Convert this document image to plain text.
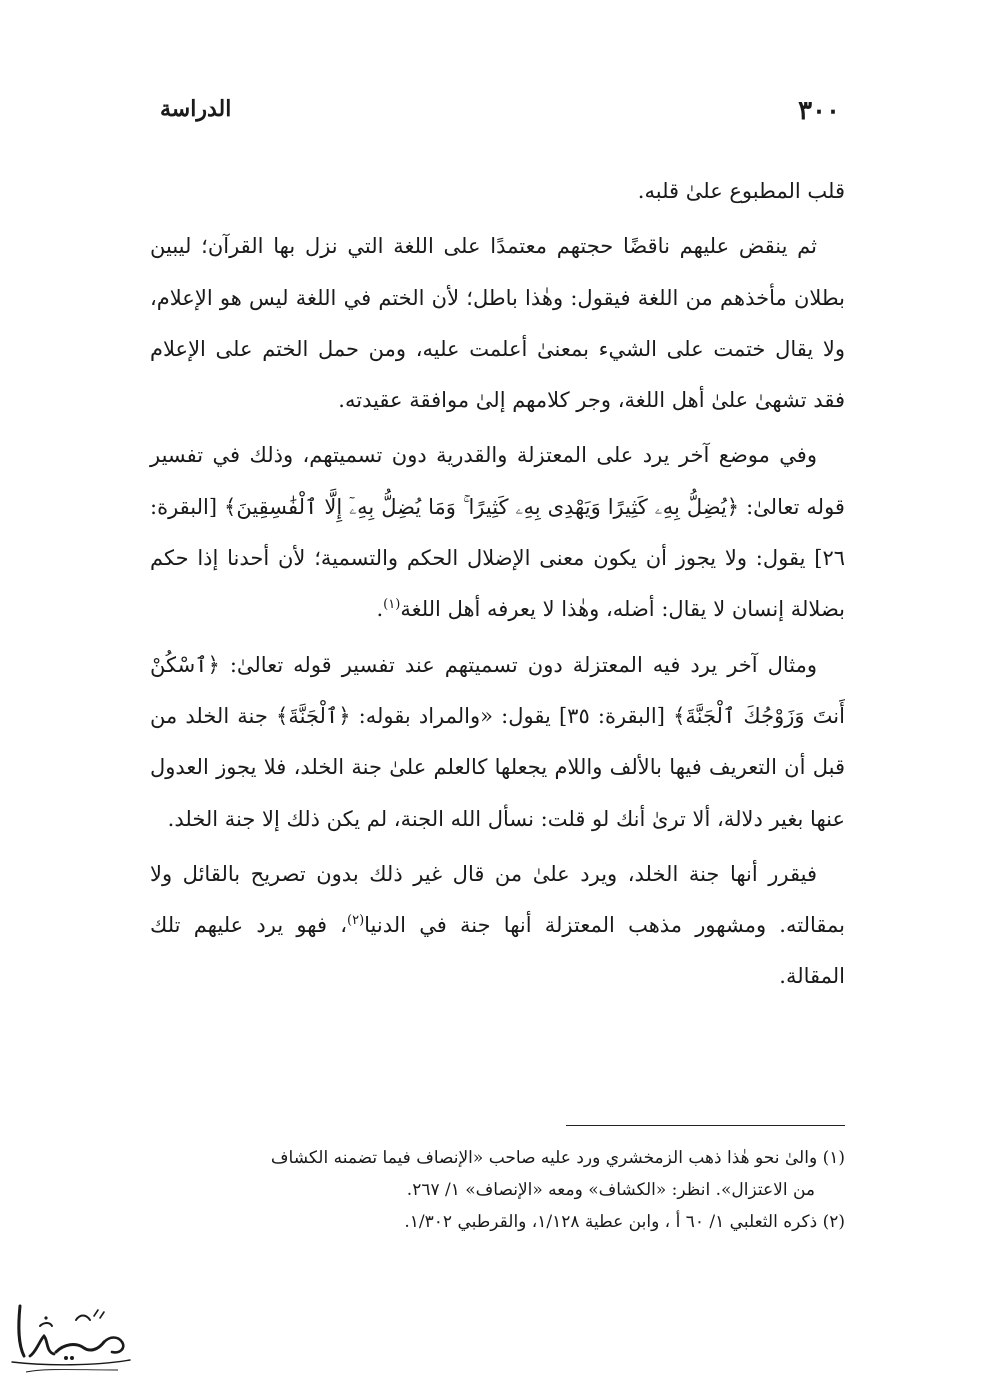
٣٠٠
الدراسة

قلب المطبوع علىٰ قلبه.

ثم ينقض عليهم ناقضًا حجتهم معتمدًا على اللغة التي نزل بها القرآن؛ ليبين بطلان مأخذهم من اللغة فيقول: وهٰذا باطل؛ لأن الختم في اللغة ليس هو الإعلام، ولا يقال ختمت على الشيء بمعنىٰ أعلمت عليه، ومن حمل الختم على الإعلام فقد تشهىٰ علىٰ أهل اللغة، وجر كلامهم إلىٰ موافقة عقيدته.

وفي موضع آخر يرد على المعتزلة والقدرية دون تسميتهم، وذلك في تفسير قوله تعالىٰ: ﴿يُضِلُّ بِهِۦ كَثِيرًا وَيَهْدِى بِهِۦ كَثِيرًا ۚ وَمَا يُضِلُّ بِهِۦٓ إِلَّا ٱلْفَٰسِقِينَ﴾ [البقرة: ٢٦] يقول: ولا يجوز أن يكون معنى الإضلال الحكم والتسمية؛ لأن أحدنا إذا حكم بضلالة إنسان لا يقال: أضله، وهٰذا لا يعرفه أهل اللغة$^{(١)}$.

ومثال آخر يرد فيه المعتزلة دون تسميتهم عند تفسير قوله تعالىٰ: ﴿ٱسْكُنْ أَنتَ وَزَوْجُكَ ٱلْجَنَّةَ﴾ [البقرة: ٣٥] يقول: «والمراد بقوله: ﴿ٱلْجَنَّةَ﴾ جنة الخلد من قبل أن التعريف فيها بالألف واللام يجعلها كالعلم علىٰ جنة الخلد، فلا يجوز العدول عنها بغير دلالة، ألا ترىٰ أنك لو قلت: نسأل الله الجنة، لم يكن ذلك إلا جنة الخلد.

فيقرر أنها جنة الخلد، ويرد علىٰ من قال غير ذلك بدون تصريح بالقائل ولا بمقالته. ومشهور مذهب المعتزلة أنها جنة في الدنيا$^{(٢)}$، فهو يرد عليهم تلك المقالة.

(١) والىٰ نحو هٰذا ذهب الزمخشري ورد عليه صاحب «الإنصاف فيما تضمنه الكشاف

من الاعتزال». انظر: «الكشاف» ومعه «الإنصاف» ١/ ٢٦٧.

(٢) ذكره الثعلبي ١/ ٦٠ أ ، وابن عطية ١/١٢٨، والقرطبي ١/٣٠٢.
